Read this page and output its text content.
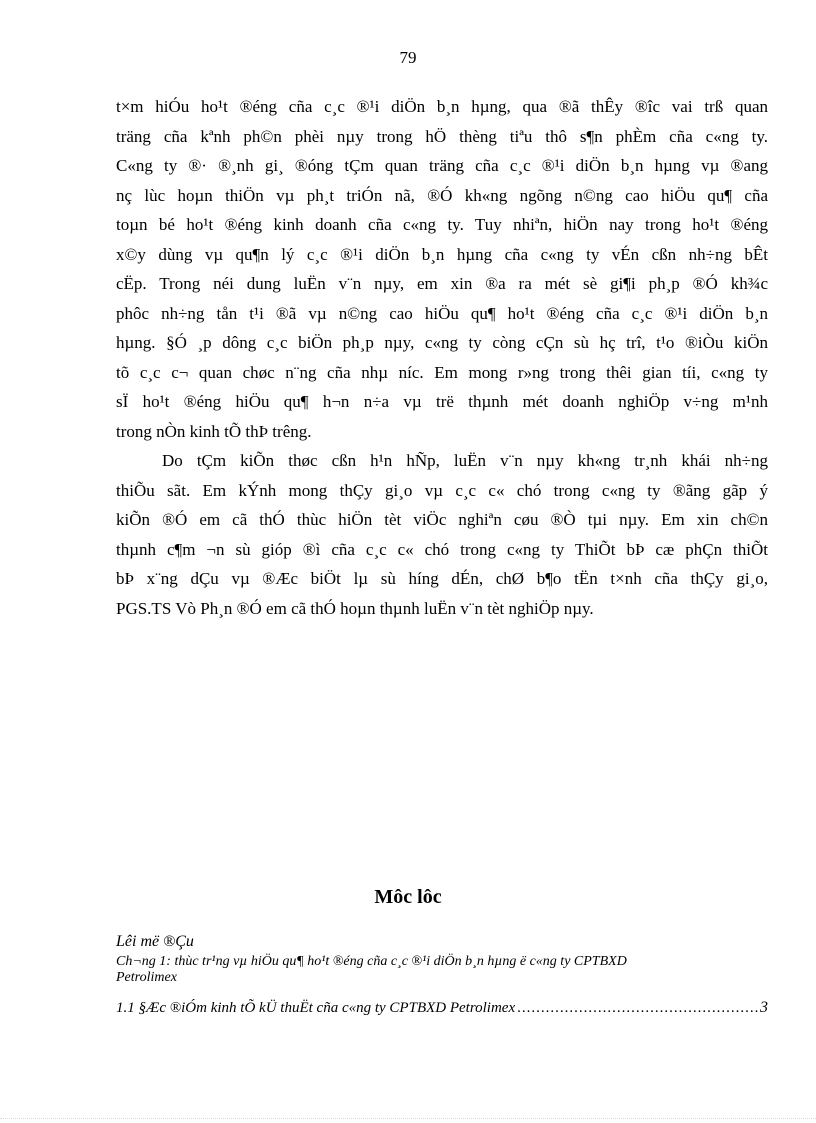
79

t×m hiÓu ho¹t ®éng cña c¸c ®¹i diÖn b¸n hµng, qua ®ã thÊy ®îc vai trß quan
träng cña kªnh ph©n phèi nµy trong hÖ thèng tiªu thô s¶n phÈm cña c«ng ty.
C«ng ty ®· ®¸nh gi¸ ®óng tÇm quan träng cña c¸c ®¹i diÖn b¸n hµng vµ ®ang
nç lùc hoµn thiÖn vµ ph¸t triÓn nã, ®Ó kh«ng ngõng n©ng cao hiÖu qu¶ cña
toµn bé ho¹t ®éng kinh doanh cña c«ng ty. Tuy nhiªn, hiÖn nay trong ho¹t ®éng
x©y dùng vµ qu¶n lý c¸c ®¹i diÖn b¸n hµng cña c«ng ty vÉn cßn nh÷ng bÊt
cËp. Trong néi dung luËn v¨n nµy, em xin ®a ra mét sè gi¶i ph¸p ®Ó kh¾c
phôc nh÷ng tån t¹i ®ã vµ n©ng cao hiÖu qu¶ ho¹t ®éng cña c¸c ®¹i diÖn b¸n
hµng. §Ó ¸p dông c¸c biÖn ph¸p nµy, c«ng ty còng cÇn sù hç trî, t¹o ®iÒu kiÖn
tõ c¸c c¬ quan chøc n¨ng cña nhµ níc. Em mong r»ng trong thêi gian tíi, c«ng ty
sÏ ho¹t ®éng hiÖu qu¶ h¬n n÷a vµ trë thµnh mét doanh nghiÖp v÷ng m¹nh
trong nÒn kinh tÕ thÞ trêng.

Do tÇm kiÕn thøc cßn h¹n hÑp, luËn v¨n nµy kh«ng tr¸nh khái nh÷ng
thiÕu sãt. Em kÝnh mong thÇy gi¸o vµ c¸c c« chó trong c«ng ty ®ãng gãp ý
kiÕn ®Ó em cã thÓ thùc hiÖn tèt viÖc nghiªn cøu ®Ò tµi nµy. Em xin ch©n
thµnh c¶m ¬n sù gióp ®ì cña c¸c c« chó trong c«ng ty ThiÕt bÞ cæ phÇn thiÕt
bÞ x¨ng dÇu vµ ®Æc biÖt lµ sù híng dÉn, chØ b¶o tËn t×nh cña thÇy gi¸o,
PGS.TS Vò Ph¸n ®Ó em cã thÓ hoµn thµnh luËn v¨n tèt nghiÖp nµy.

Môc lôc
Lêi më ®Çu
Ch¬ng 1: thùc tr¹ng vµ hiÖu qu¶ ho¹t ®éng cña c¸c ®¹i diÖn b¸n hµng ë c«ng ty CPTBXD
Petrolimex
1.1 §Æc ®iÓm kinh tÕ kÜ thuËt cña c«ng ty CPTBXD Petrolimex
.....	3
